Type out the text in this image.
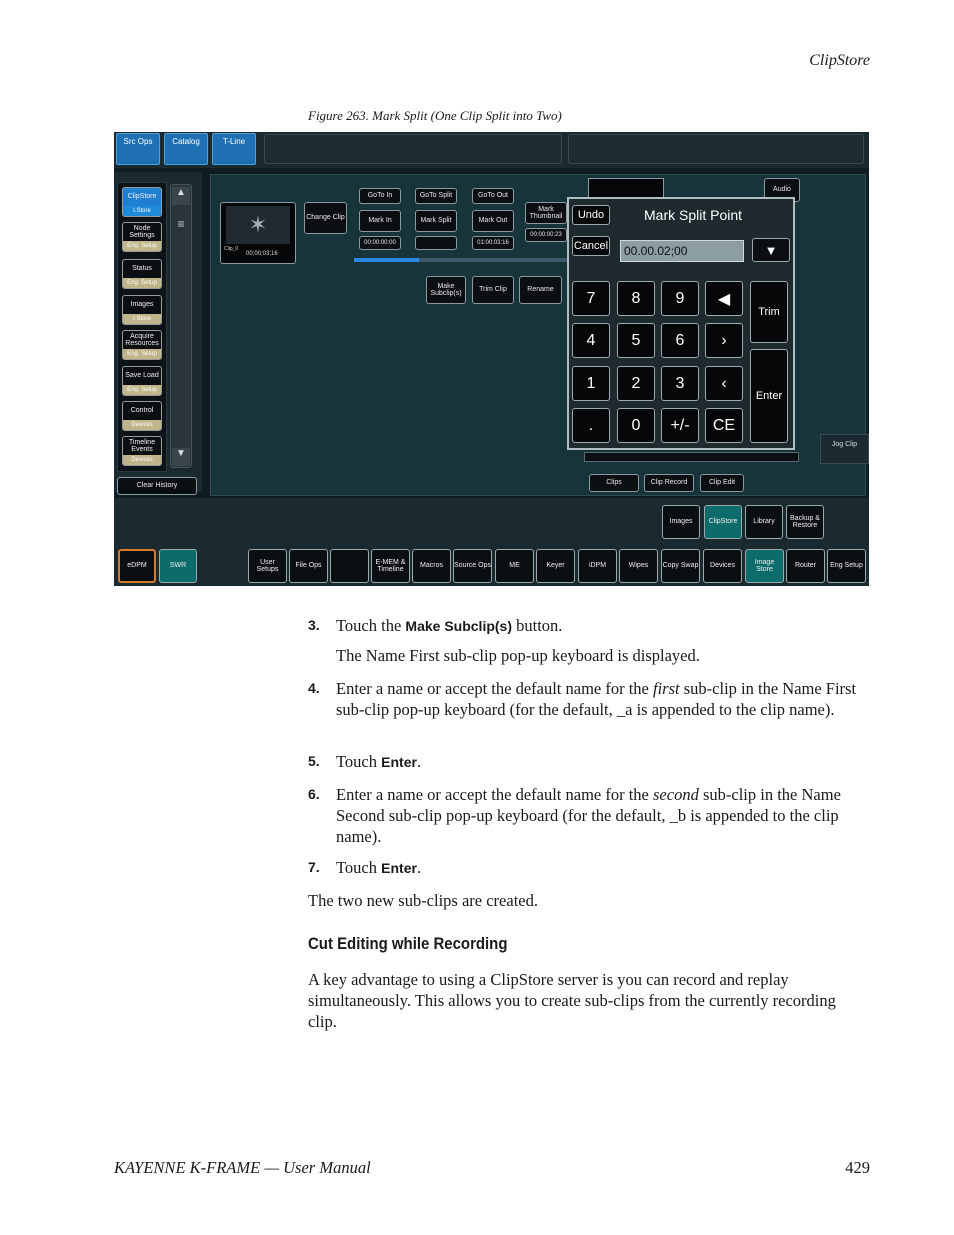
ClipStore
Figure 263. Mark Split (One Clip Split into Two)
Src Ops	Catalog	T-Line
ClipStore
I.Store
Node Settings
Eng. Setup
Status
Eng. Setup
Images
I.Store
Acquire Resources
Eng. Setup
Save Load
Eng. Setup
Control
Devices
Timeline Events
Devices
▲
≡
▼
Clear History
✶
Clip_0
00;00;03;16
Change Clip
GoTo In	GoTo Split	GoTo Out
Mark In	Mark Split	Mark Out
Mark Thumbnail
00:00:00:00	01:00:03:16
00:00:00:23
Make Subclip(s)
Trim Clip	Rename
Audio
Jog Clip
Clips	Clip Record	Clip Edit
Mark Split Point
Undo
Cancel	00.00.02;00	▼
7	8	9	◀
4	5	6	›
1	2	3	‹
.	0	+/-	CE
Trim
Enter
Images	ClipStore	Library
Backup & Restore
eDPM	SWR
User Setups
File Ops
E-MEM & Timeline
Macros	Source Ops	ME	Keyer	iDPM	Wipes	Copy Swap	Devices
Image Store
Router	Eng Setup
3. Touch the Make Subclip(s) button.
The Name First sub-clip pop-up keyboard is displayed.
4. Enter a name or accept the default name for the first sub-clip in the Name First sub-clip pop-up keyboard (for the default, _a is appended to the clip name).
5. Touch Enter.
6. Enter a name or accept the default name for the second sub-clip in the Name Second sub-clip pop-up keyboard (for the default, _b is appended to the clip name).
7. Touch Enter.
The two new sub-clips are created.
Cut Editing while Recording
A key advantage to using a ClipStore server is you can record and replay simultaneously. This allows you to create sub-clips from the currently recording clip.
KAYENNE K-FRAME — User Manual	429
